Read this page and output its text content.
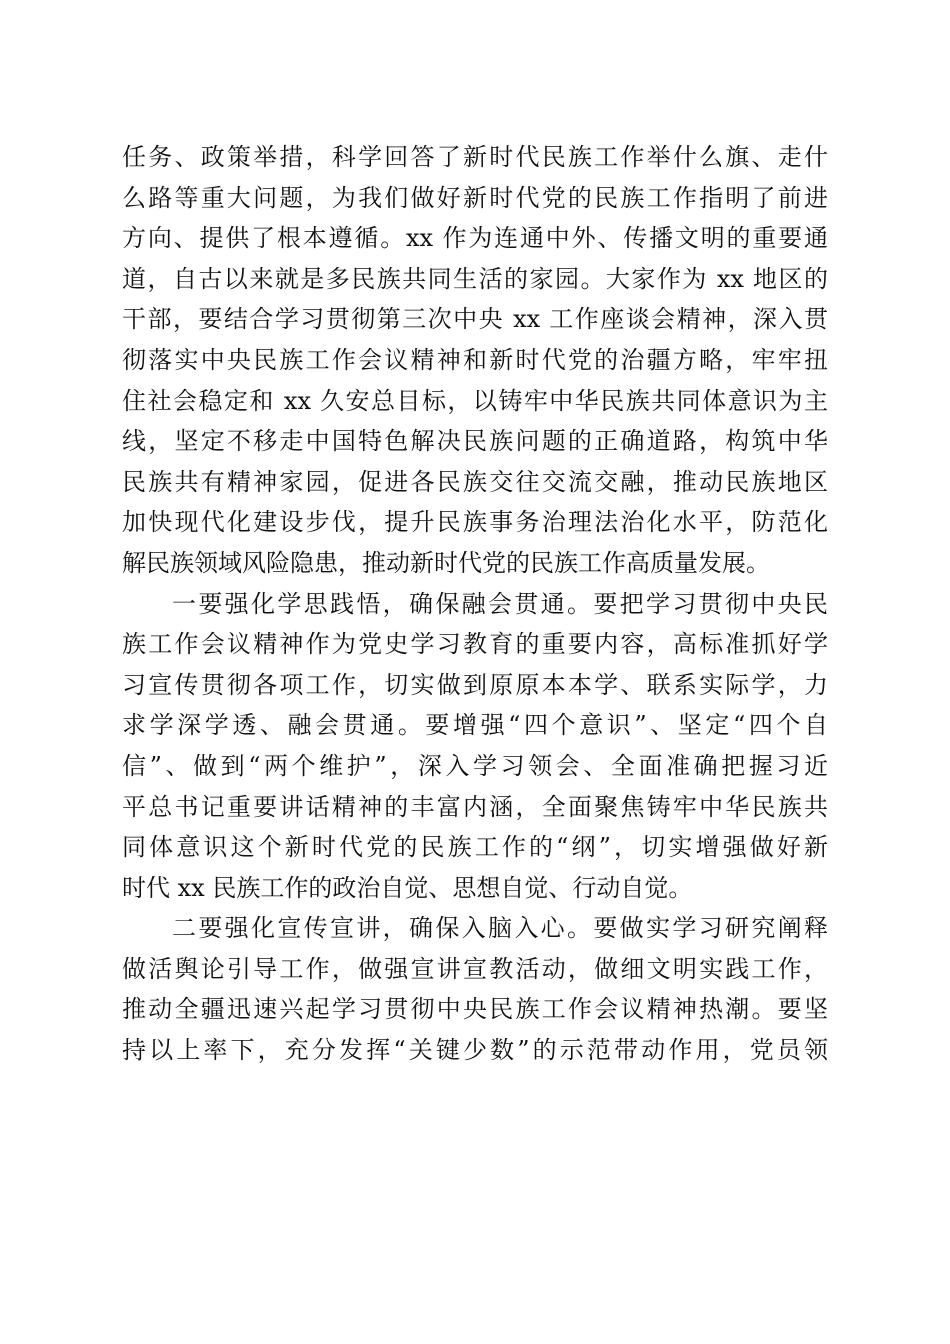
任务、政策举措，科学回答了新时代民族工作举什么旗、走什
么路等重大问题，为我们做好新时代党的民族工作指明了前进
方向、提供了根本遵循。xx 作为连通中外、传播文明的重要通
道，自古以来就是多民族共同生活的家园。大家作为 xx 地区的
干部，要结合学习贯彻第三次中央 xx 工作座谈会精神，深入贯
彻落实中央民族工作会议精神和新时代党的治疆方略，牢牢扭
住社会稳定和 xx 久安总目标，以铸牢中华民族共同体意识为主
线，坚定不移走中国特色解决民族问题的正确道路，构筑中华
民族共有精神家园，促进各民族交往交流交融，推动民族地区
加快现代化建设步伐，提升民族事务治理法治化水平，防范化
解民族领域风险隐患，推动新时代党的民族工作高质量发展。
一要强化学思践悟，确保融会贯通。要把学习贯彻中央民
族工作会议精神作为党史学习教育的重要内容，高标准抓好学
习宣传贯彻各项工作，切实做到原原本本学、联系实际学，力
求学深学透、融会贯通。要增强“四个意识”、坚定“四个自
信”、做到“两个维护”，深入学习领会、全面准确把握习近
平总书记重要讲话精神的丰富内涵，全面聚焦铸牢中华民族共
同体意识这个新时代党的民族工作的“纲”，切实增强做好新
时代 xx 民族工作的政治自觉、思想自觉、行动自觉。
二要强化宣传宣讲，确保入脑入心。要做实学习研究阐释
做活舆论引导工作，做强宣讲宣教活动，做细文明实践工作，
推动全疆迅速兴起学习贯彻中央民族工作会议精神热潮。要坚
持以上率下，充分发挥“关键少数”的示范带动作用，党员领
